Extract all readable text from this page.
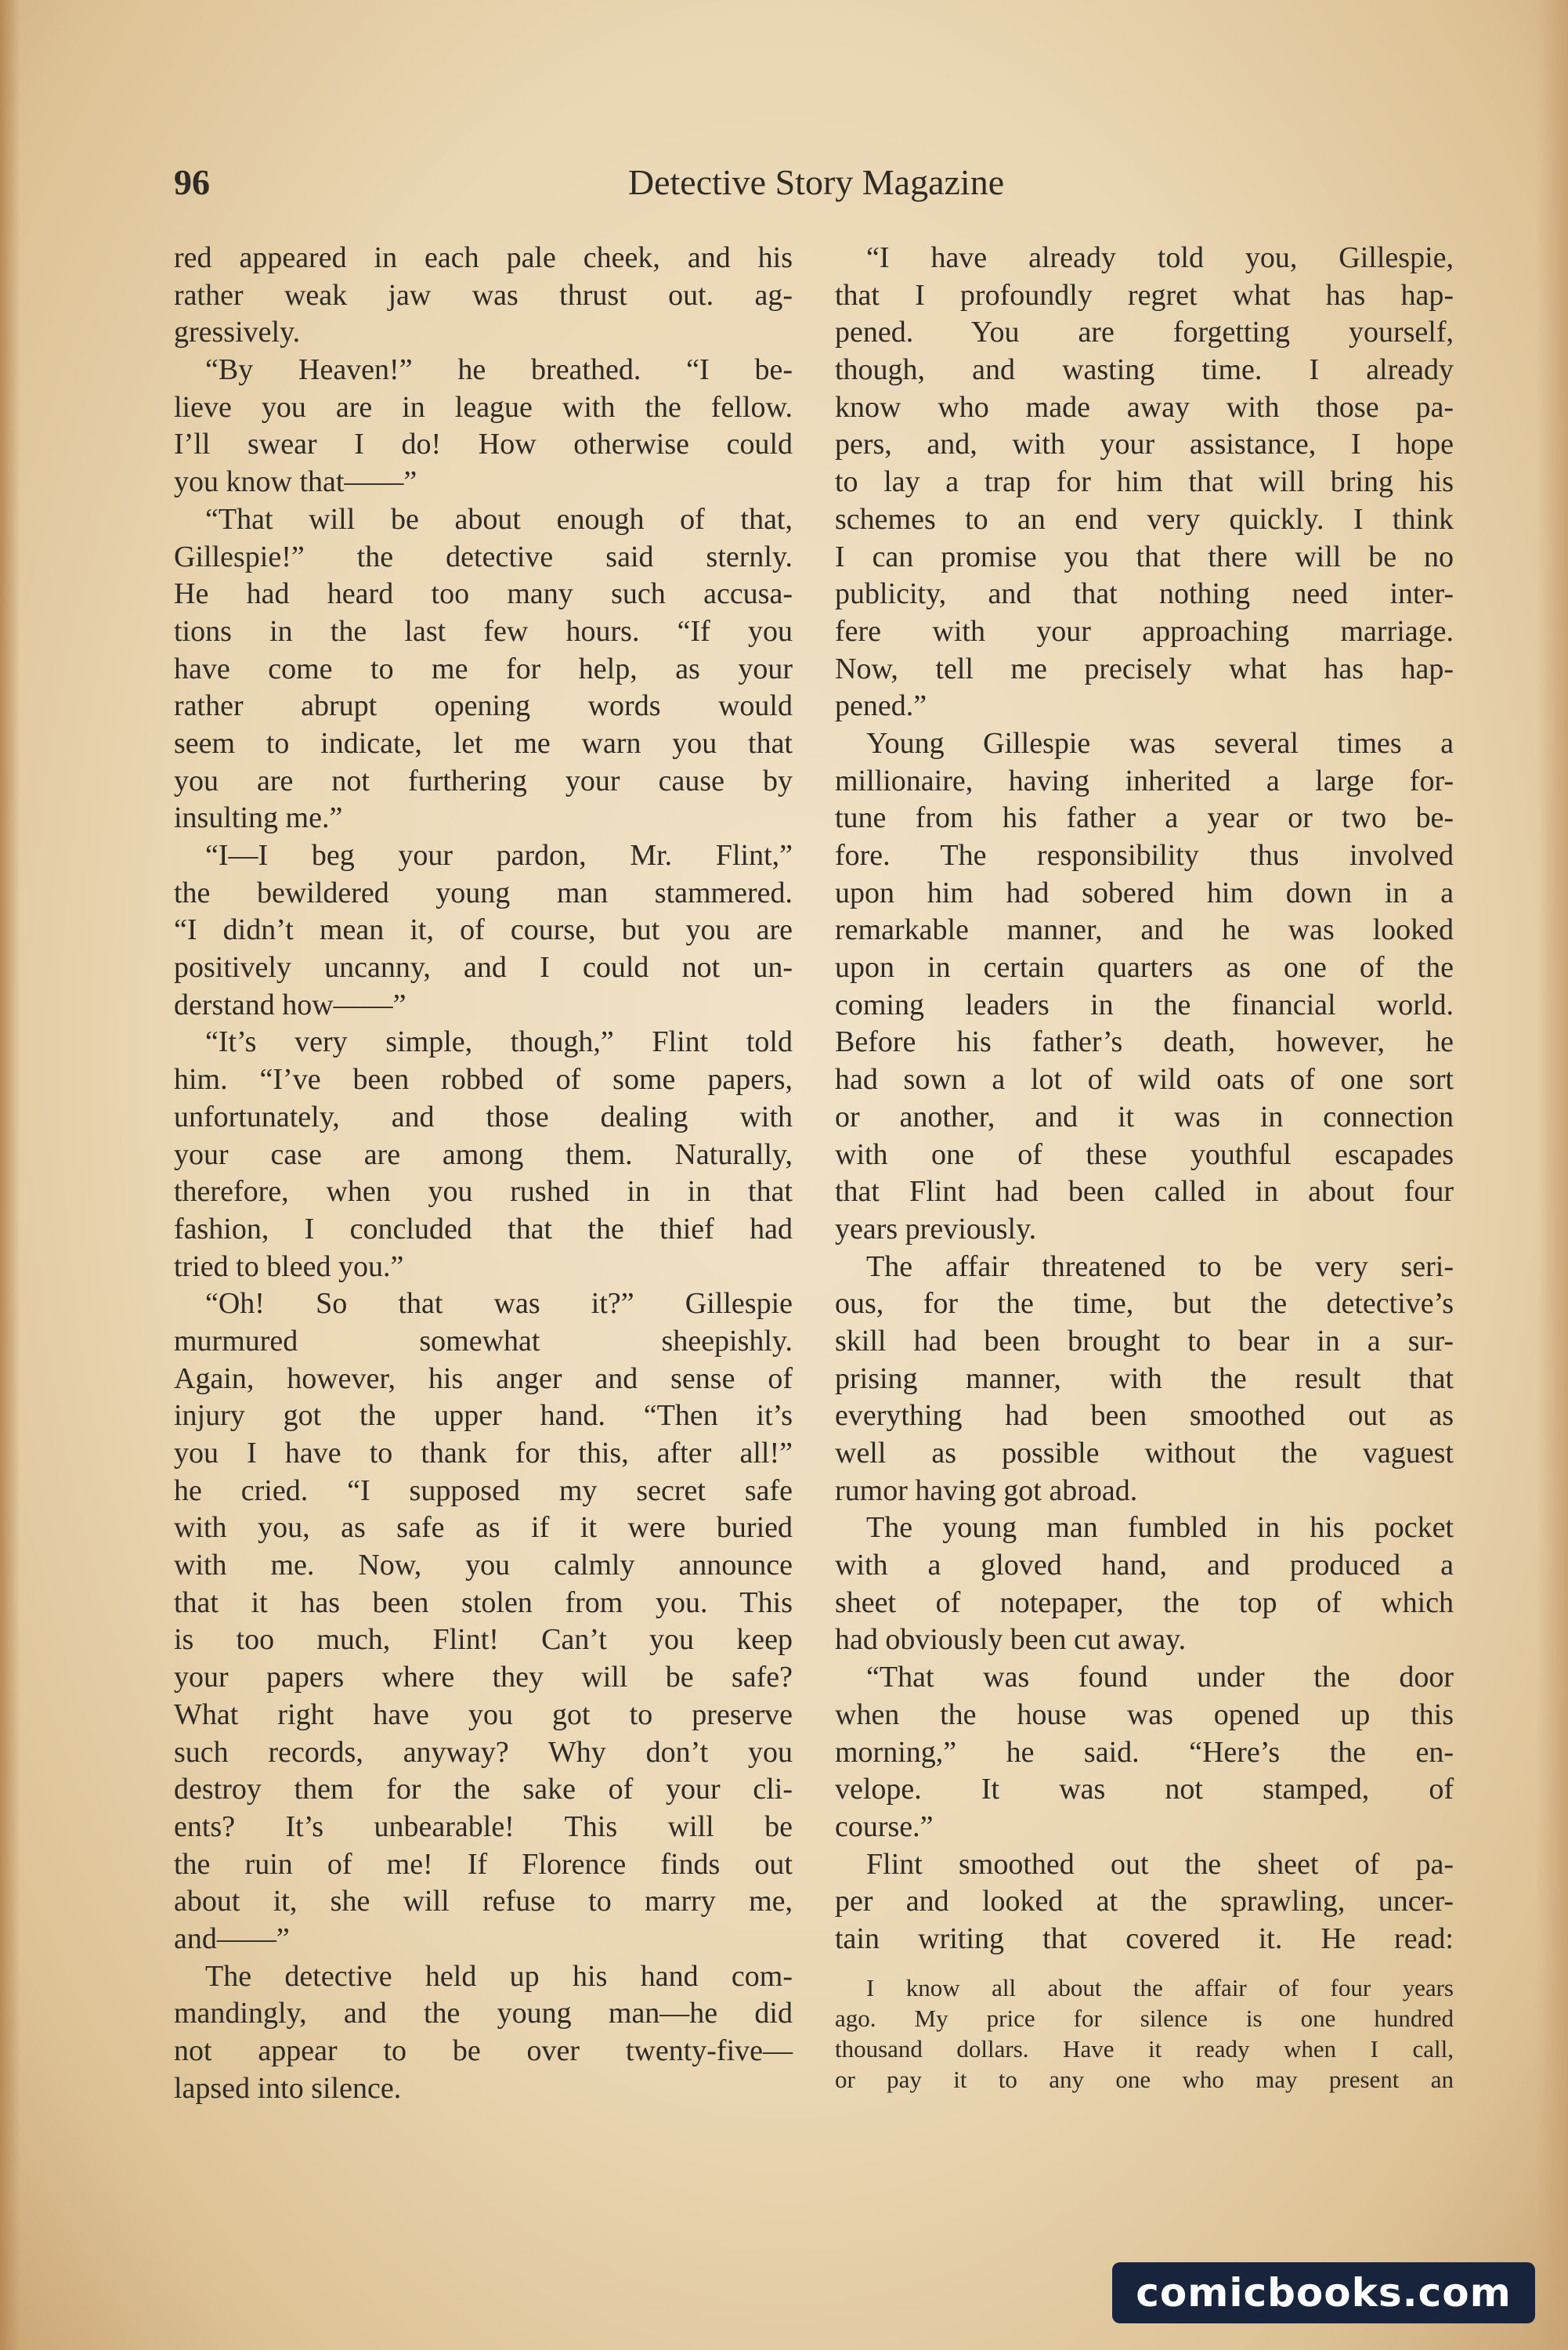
Detective Story Magazine
96
red appeared in each pale cheek, and his
rather weak jaw was thrust out. ag-
gressively.
“By Heaven!” he breathed. “I be-
lieve you are in league with the fellow.
I’ll swear I do! How otherwise could
you know that——”
“That will be about enough of that,
Gillespie!” the detective said sternly.
He had heard too many such accusa-
tions in the last few hours. “If you
have come to me for help, as your
rather abrupt opening words would
seem to indicate, let me warn you that
you are not furthering your cause by
insulting me.”
“I—I beg your pardon, Mr. Flint,”
the bewildered young man stammered.
“I didn’t mean it, of course, but you are
positively uncanny, and I could not un-
derstand how——”
“It’s very simple, though,” Flint told
him. “I’ve been robbed of some papers,
unfortunately, and those dealing with
your case are among them. Naturally,
therefore, when you rushed in in that
fashion, I concluded that the thief had
tried to bleed you.”
“Oh! So that was it?” Gillespie
murmured somewhat sheepishly.
Again, however, his anger and sense of
injury got the upper hand. “Then it’s
you I have to thank for this, after all!”
he cried. “I supposed my secret safe
with you, as safe as if it were buried
with me. Now, you calmly announce
that it has been stolen from you. This
is too much, Flint! Can’t you keep
your papers where they will be safe?
What right have you got to preserve
such records, anyway? Why don’t you
destroy them for the sake of your cli-
ents? It’s unbearable! This will be
the ruin of me! If Florence finds out
about it, she will refuse to marry me,
and——”
The detective held up his hand com-
mandingly, and the young man—he did
not appear to be over twenty-five—
lapsed into silence.
“I have already told you, Gillespie,
that I profoundly regret what has hap-
pened. You are forgetting yourself,
though, and wasting time. I already
know who made away with those pa-
pers, and, with your assistance, I hope
to lay a trap for him that will bring his
schemes to an end very quickly. I think
I can promise you that there will be no
publicity, and that nothing need inter-
fere with your approaching marriage.
Now, tell me precisely what has hap-
pened.”
Young Gillespie was several times a
millionaire, having inherited a large for-
tune from his father a year or two be-
fore. The responsibility thus involved
upon him had sobered him down in a
remarkable manner, and he was looked
upon in certain quarters as one of the
coming leaders in the financial world.
Before his father’s death, however, he
had sown a lot of wild oats of one sort
or another, and it was in connection
with one of these youthful escapades
that Flint had been called in about four
years previously.
The affair threatened to be very seri-
ous, for the time, but the detective’s
skill had been brought to bear in a sur-
prising manner, with the result that
everything had been smoothed out as
well as possible without the vaguest
rumor having got abroad.
The young man fumbled in his pocket
with a gloved hand, and produced a
sheet of notepaper, the top of which
had obviously been cut away.
“That was found under the door
when the house was opened up this
morning,” he said. “Here’s the en-
velope. It was not stamped, of
course.”
Flint smoothed out the sheet of pa-
per and looked at the sprawling, uncer-
tain writing that covered it. He read:
I know all about the affair of four years
ago. My price for silence is one hundred
thousand dollars. Have it ready when I call,
or pay it to any one who may present an
comicbooks.com
